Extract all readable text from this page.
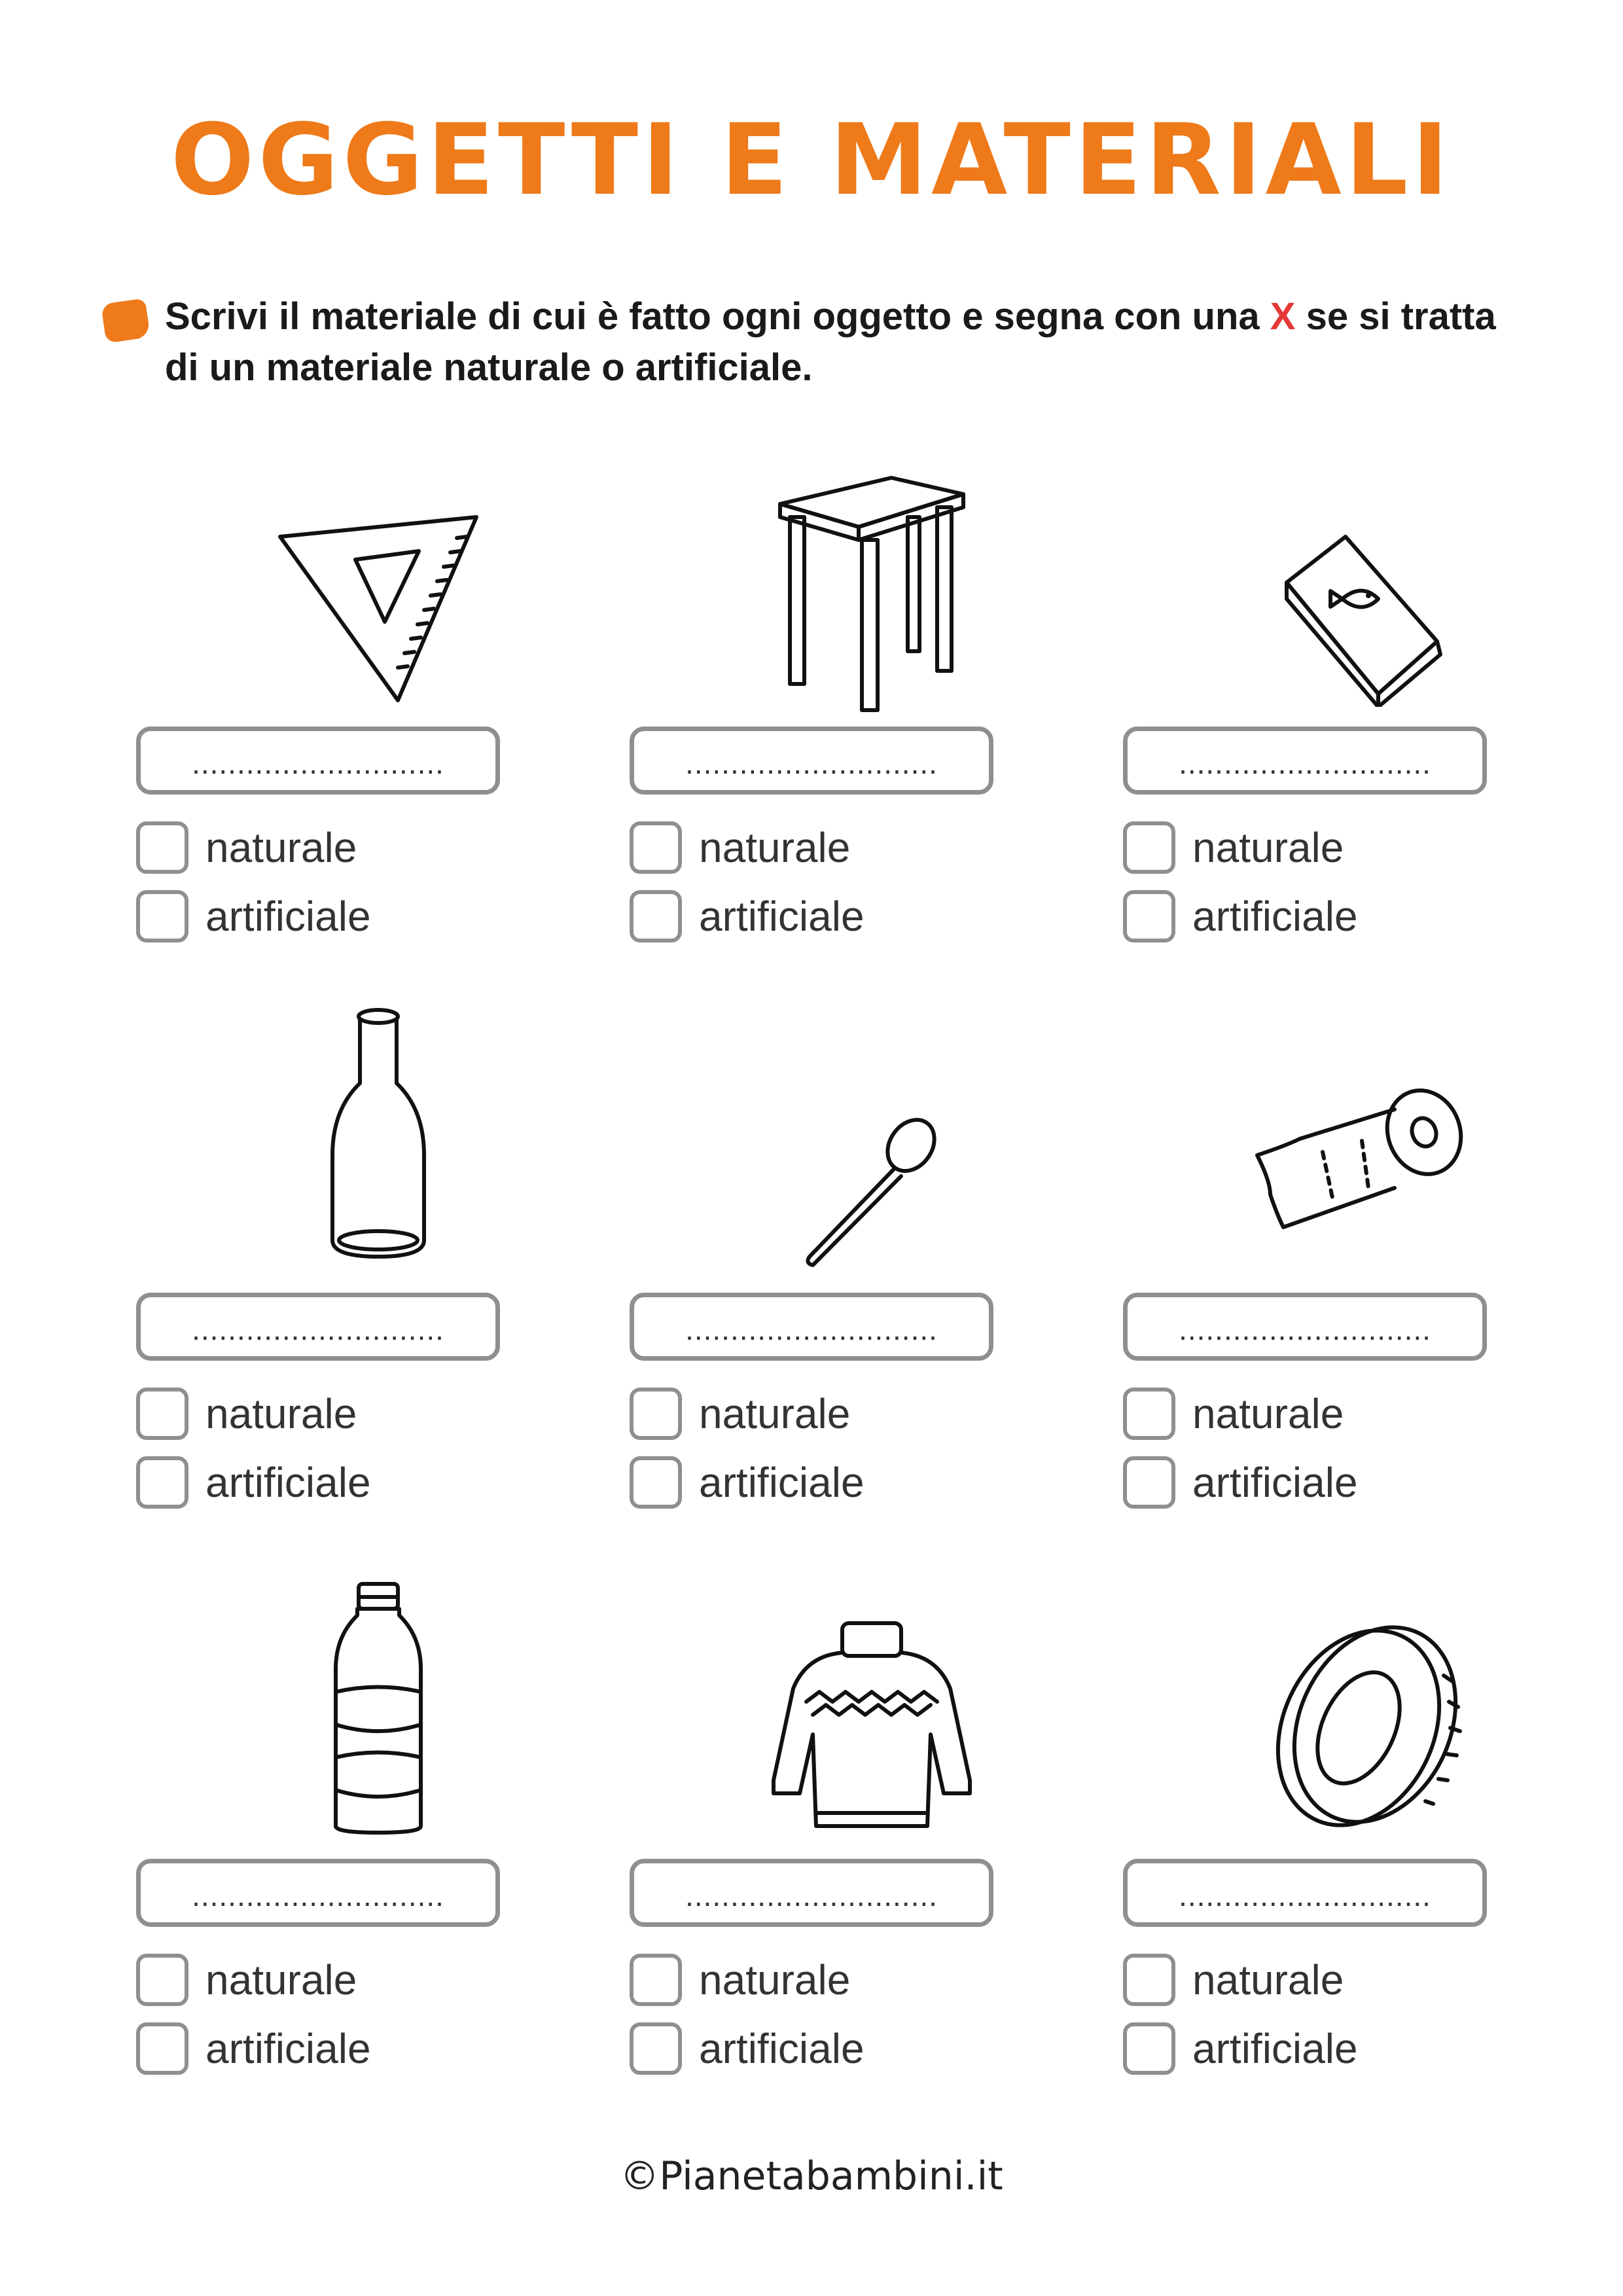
OGGETTI E MATERIALI
Scrivi il materiale di cui è fatto ogni oggetto e segna con una X se si tratta di un materiale naturale o artificiale.
............................
naturale
artificiale
............................
naturale
artificiale
............................
naturale
artificiale
............................
naturale
artificiale
............................
naturale
artificiale
............................
naturale
artificiale
............................
naturale
artificiale
............................
naturale
artificiale
............................
naturale
artificiale
©Pianetabambini.it
